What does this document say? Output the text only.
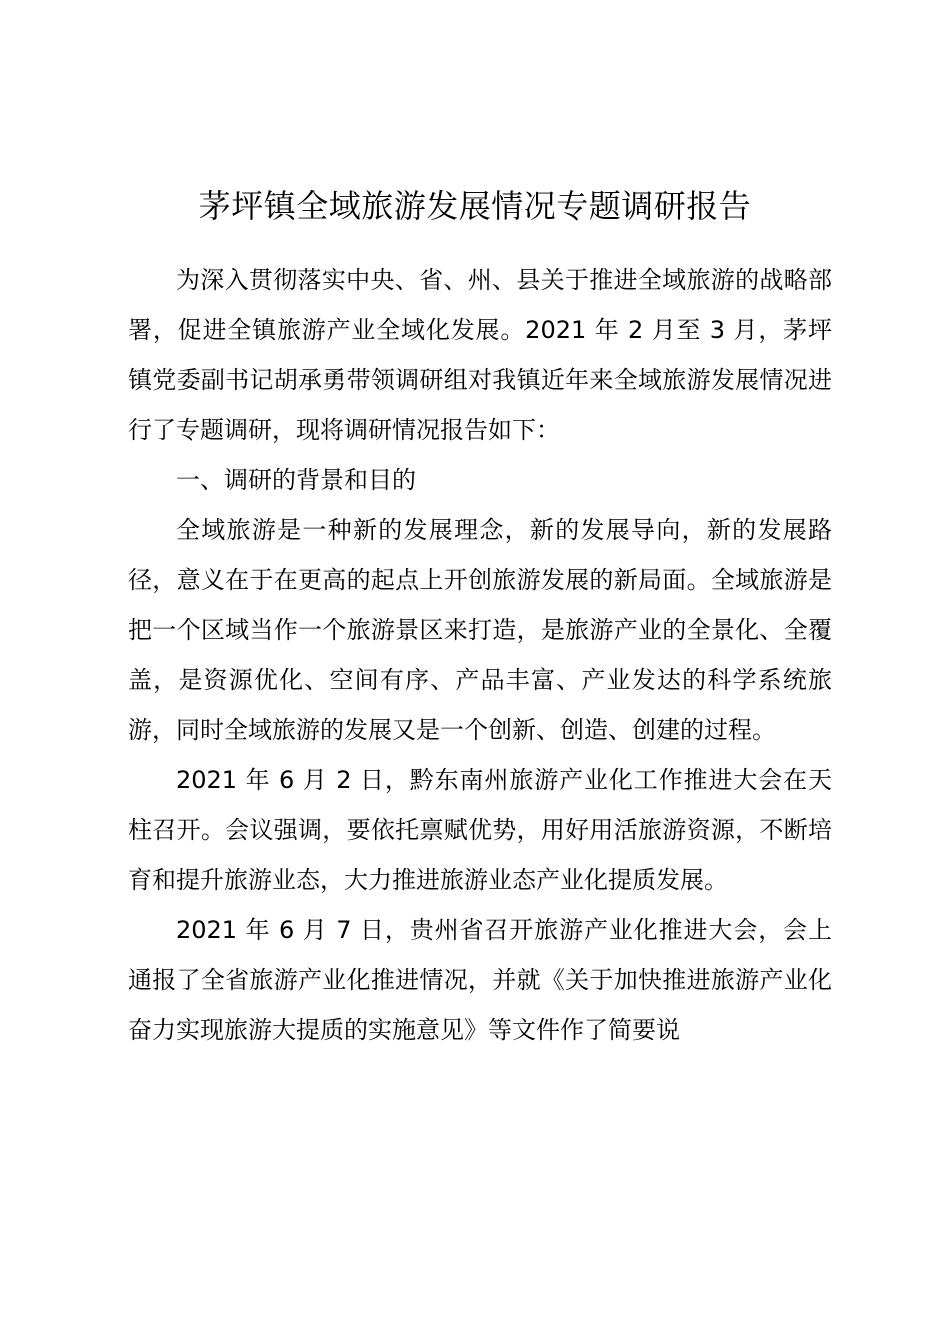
茅坪镇全域旅游发展情况专题调研报告

为深入贯彻落实中央、省、州、县关于推进全域旅游的战略部署，促进全镇旅游产业全域化发展。2021 年 2 月至 3 月，茅坪镇党委副书记胡承勇带领调研组对我镇近年来全域旅游发展情况进行了专题调研，现将调研情况报告如下：

一、调研的背景和目的

全域旅游是一种新的发展理念，新的发展导向，新的发展路径，意义在于在更高的起点上开创旅游发展的新局面。全域旅游是把一个区域当作一个旅游景区来打造，是旅游产业的全景化、全覆盖，是资源优化、空间有序、产品丰富、产业发达的科学系统旅游，同时全域旅游的发展又是一个创新、创造、创建的过程。

2021 年 6 月 2 日，黔东南州旅游产业化工作推进大会在天柱召开。会议强调，要依托禀赋优势，用好用活旅游资源，不断培育和提升旅游业态，大力推进旅游业态产业化提质发展。

2021 年 6 月 7 日，贵州省召开旅游产业化推进大会，会上通报了全省旅游产业化推进情况，并就《关于加快推进旅游产业化奋力实现旅游大提质的实施意见》等文件作了简要说
